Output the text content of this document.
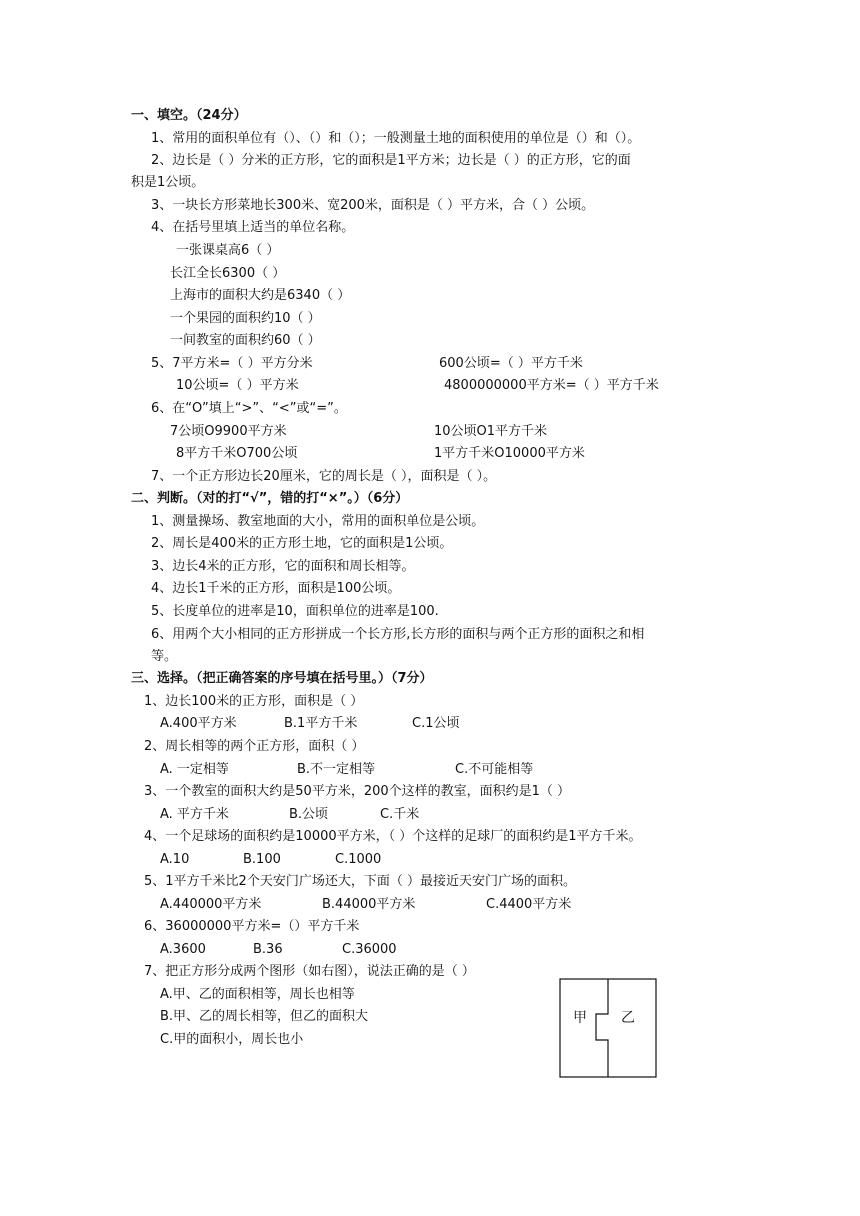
一、填空。（24分）
1、常用的面积单位有（）、（）和（）；一般测量土地的面积使用的单位是（）和（）。
2、边长是（ ）分米的正方形，它的面积是1平方米；边长是（ ）的正方形，它的面
积是1公顷。
3、一块长方形菜地长300米、宽200米，面积是（ ）平方米，合（ ）公顷。
4、在括号里填上适当的单位名称。
一张课桌高6（ ）
长江全长6300（ ）
上海市的面积大约是6340（ ）
一个果园的面积约10（ ）
一间教室的面积约60（ ）
5、7平方米=（ ）平方分米	600公顷=（ ）平方千米
10公顷=（ ）平方米	4800000000平方米=（ ）平方千米
6、在“O”填上“>”、“<”或“=”。
7公顷O9900平方米	10公顷O1平方千米
8平方千米O700公顷	1平方千米O10000平方米
7、一个正方形边长20厘米，它的周长是（ ），面积是（ ）。
二、判断。（对的打“√”，错的打“×”。）（6分）
1、测量操场、教室地面的大小，常用的面积单位是公顷。
2、周长是400米的正方形土地，它的面积是1公顷。
3、边长4米的正方形，它的面积和周长相等。
4、边长1千米的正方形，面积是100公顷。
5、长度单位的进率是10，面积单位的进率是100.
6、用两个大小相同的正方形拼成一个长方形,长方形的面积与两个正方形的面积之和相
等。
三、选择。（把正确答案的序号填在括号里。）（7分）
1、边长100米的正方形，面积是（ ）
A.400平方米	B.1平方千米	C.1公顷
2、周长相等的两个正方形，面积（ ）
A. 一定相等	B.不一定相等	C.不可能相等
3、一个教室的面积大约是50平方米，200个这样的教室，面积约是1（ ）
A. 平方千米	B.公顷	C.千米
4、一个足球场的面积约是10000平方米，（ ）个这样的足球厂的面积约是1平方千米。
A.10	B.100	C.1000
5、1平方千米比2个天安门广场还大，下面（ ）最接近天安门广场的面积。
A.440000平方米	B.44000平方米	C.4400平方米
6、36000000平方米=（）平方千米
A.3600	B.36	C.36000
7、把正方形分成两个图形（如右图），说法正确的是（ ）
A.甲、乙的面积相等，周长也相等
B.甲、乙的周长相等，但乙的面积大
C.甲的面积小，周长也小
甲 乙
